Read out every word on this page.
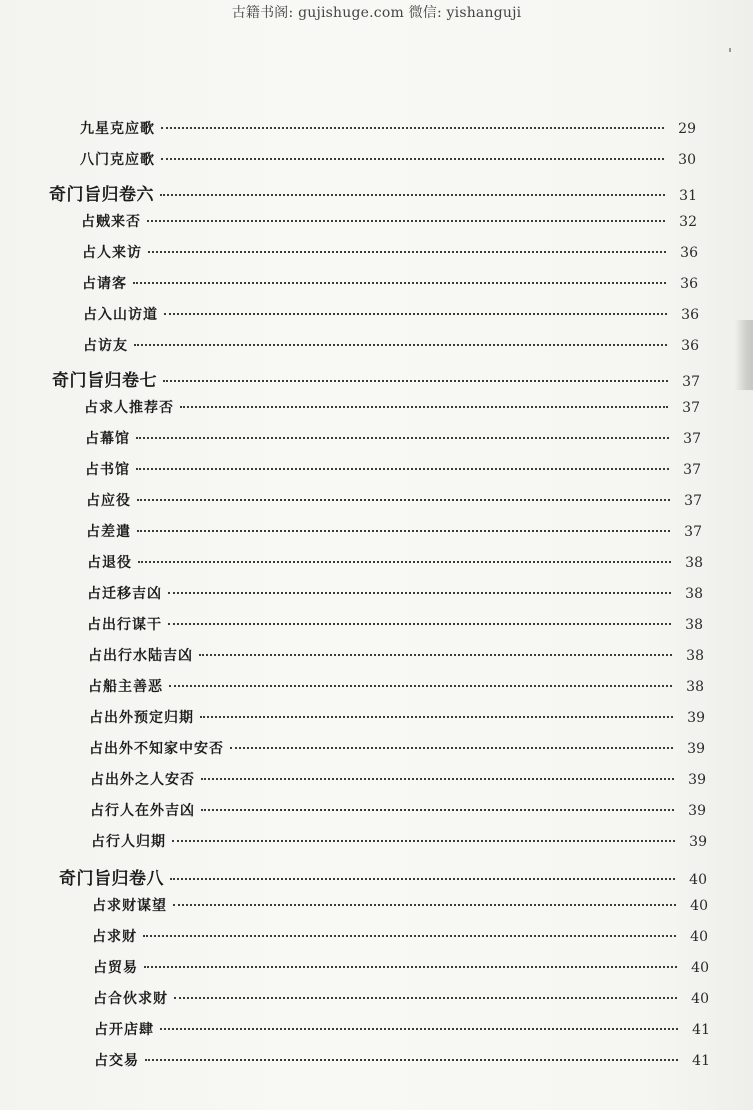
古籍书阁: gujishuge.com 微信: yishanguji
九星克应歌	29
八门克应歌	30
奇门旨归卷六	31
占贼来否	32
占人来访	36
占请客	36
占入山访道	36
占访友	36
奇门旨归卷七	37
占求人推荐否	37
占幕馆	37
占书馆	37
占应役	37
占差遣	37
占退役	38
占迁移吉凶	38
占出行谋干	38
占出行水陆吉凶	38
占船主善恶	38
占出外预定归期	39
占出外不知家中安否	39
占出外之人安否	39
占行人在外吉凶	39
占行人归期	39
奇门旨归卷八	40
占求财谋望	40
占求财	40
占贸易	40
占合伙求财	40
占开店肆	41
占交易	41
